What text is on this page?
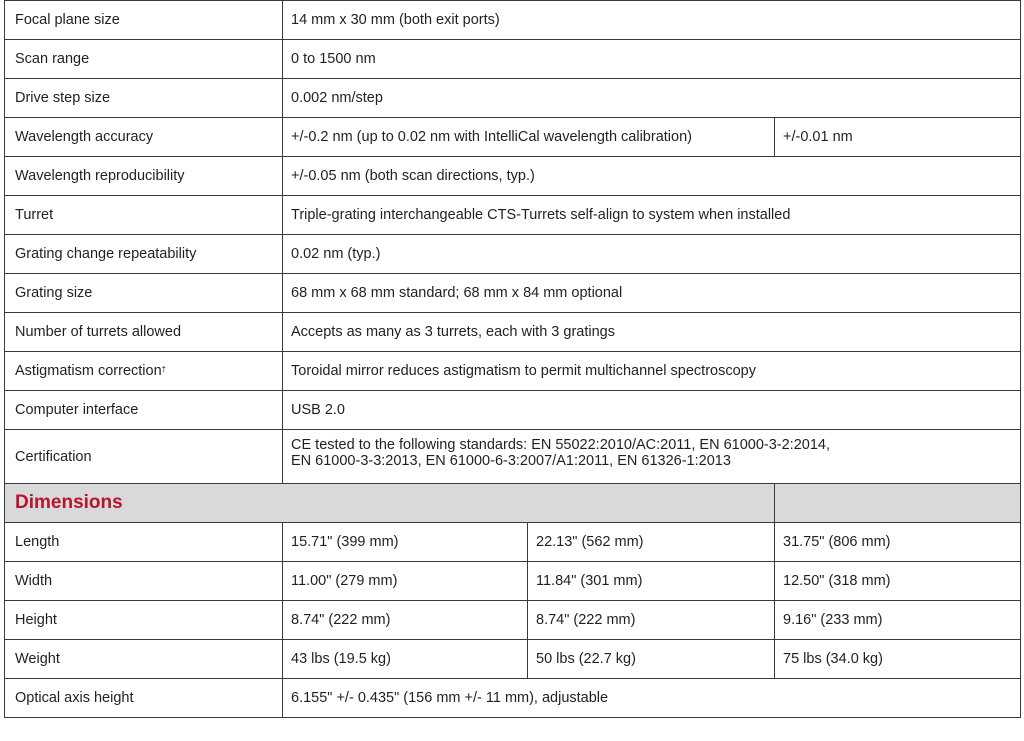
Focal plane size	14 mm x 30 mm (both exit ports)		
Scan range	0 to 1500 nm		
Drive step size	0.002 nm/step		
Wavelength accuracy	+/-0.2 nm (up to 0.02 nm with IntelliCal wavelength calibration)		+/-0.01 nm
Wavelength reproducibility	+/-0.05 nm (both scan directions, typ.)		
Turret	Triple-grating interchangeable CTS-Turrets self-align to system when installed		
Grating change repeatability	0.02 nm (typ.)		
Grating size	68 mm x 68 mm standard; 68 mm x 84 mm optional		
Number of turrets allowed	Accepts as many as 3 turrets, each with 3 gratings		
Astigmatism correction†	Toroidal mirror reduces astigmatism to permit multichannel spectroscopy		
Computer interface	USB 2.0		
Certification	CE tested to the following standards: EN 55022:2010/AC:2011, EN 61000-3-2:2014,
EN 61000-3-3:2013, EN 61000-6-3:2007/A1:2011, EN 61326-1:2013		

Dimensions			
Length	15.71" (399 mm)	22.13" (562 mm)	31.75" (806 mm)
Width	11.00" (279 mm)	11.84" (301 mm)	12.50" (318 mm)
Height	8.74" (222 mm)	8.74" (222 mm)	9.16" (233 mm)
Weight	43 lbs (19.5 kg)	50 lbs (22.7 kg)	75 lbs (34.0 kg)
Optical axis height	6.155" +/- 0.435" (156 mm +/- 11 mm), adjustable		
